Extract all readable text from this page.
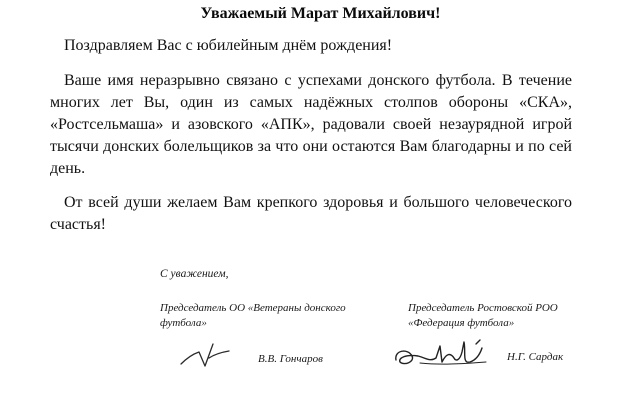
Уважаемый Марат Михайлович!
Поздравляем Вас с юбилейным днём рождения!
Ваше имя неразрывно связано с успехами донского футбола. В течение многих лет Вы, один из самых надёжных столпов обороны «СКА», «Ростсельмаша» и азовского «АПК», радовали своей незаурядной игрой тысячи донских болельщиков за что они остаются Вам благодарны и по сей день.
От всей души желаем Вам крепкого здоровья и большого человеческого счастья!
С уважением,
Председатель ОО «Ветераны донского футбола»
Председатель Ростовской РОО «Федерация футбола»
В.В. Гончаров	Н.Г. Сардак
